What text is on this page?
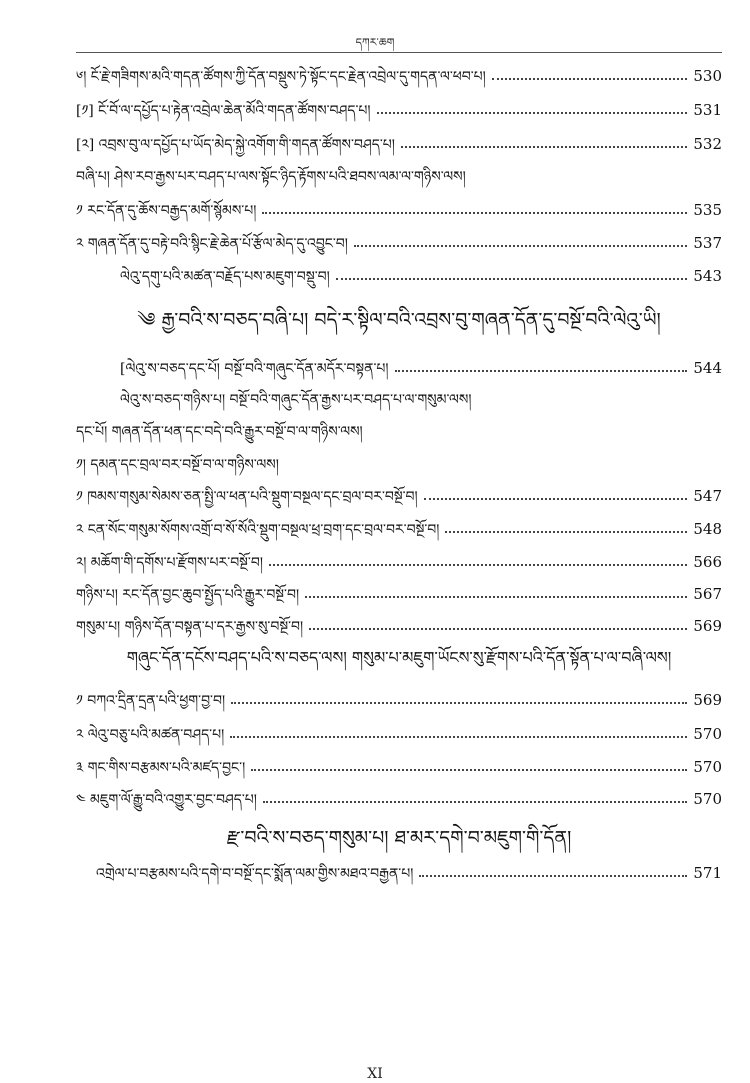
དཀར་ཆག
༦། ངོ་རྗེ་གཟིགས་མའི་གདན་ཚོགས་ཀྱི་དོན་བསྡུས་ཏེ་སྟོང་དང་རྗེན་འབྲེལ་དུ་གདན་ལ་ཕབ་པ།	530
[༡] ངོ་བོ་ལ་དཔྱོད་པ་རྟེན་འབྲེལ་ཆེན་མོའི་གདན་ཚོགས་བཤད་པ།	531
[༢] འབྲས་བུ་ལ་དཔྱོད་པ་ཡོད་མེད་སྐྱེ་འགོག་གི་གདན་ཚོགས་བཤད་པ།	532
བཞི་པ། ཤེས་རབ་རྒྱས་པར་བཤད་པ་ལས་སྟོང་ཉིད་རྟོགས་པའི་ཐབས་ལམ་ལ་གཉིས་ལས།
༡ རང་དོན་དུ་ཆོས་བརྒྱད་མགོ་སྙོམས་པ།	535
༢ གཞན་དོན་དུ་བརྟེ་བའི་སྙིང་རྗེ་ཆེན་པོ་རྩོལ་མེད་དུ་འབྱུང་བ།	537
ལེའུ་དགུ་པའི་མཚན་བརྗོད་པས་མཇུག་བསྡུ་བ།	543
༄ རྒྱ་བའི་ས་བཅད་བཞི་པ། བདེ་ར་སྟིལ་བའི་འབྲས་བུ་གཞན་དོན་དུ་བསྔོ་བའི་ལེའུ་ཡི།
[ལེའུ་ས་བཅད་དང་པོ། བསྔོ་བའི་གཞུང་དོན་མདོར་བསྟན་པ།	544
ལེའུ་ས་བཅད་གཉིས་པ། བསྔོ་བའི་གཞུང་དོན་རྒྱས་པར་བཤད་པ་ལ་གསུམ་ལས།
དང་པོ། གཞན་དོན་ཕན་དང་བདེ་བའི་རྒྱུར་བསྔོ་བ་ལ་གཉིས་ལས།
༡། དམན་དང་བྲལ་བར་བསྔོ་བ་ལ་གཉིས་ལས།
༡ ཁམས་གསུམ་སེམས་ཅན་སྤྱི་ལ་ཕན་པའི་སྡུག་བསྔལ་དང་བྲལ་བར་བསྔོ་བ།	547
༢ ངན་སོང་གསུམ་སོགས་འགྲོ་བ་སོ་སོའི་སྡུག་བསྔལ་ཕྲ་བྲག་དང་བྲལ་བར་བསྔོ་བ།	548
༢། མཆོག་གི་དགོས་པ་རྫོགས་པར་བསྔོ་བ།	566
གཉིས་པ། རང་དོན་བྱང་ཆུབ་སྤྱོད་པའི་རྒྱུར་བསྔོ་བ།	567
གསུམ་པ། གཉིས་དོན་བསྟན་པ་དར་རྒྱས་སུ་བསྔོ་བ།	569
གཞུང་དོན་དངོས་བཤད་པའི་ས་བཅད་ལས། གསུམ་པ་མཇུག་ཡོངས་སུ་རྫོགས་པའི་དོན་སྟོན་པ་ལ་བཞི་ལས།
༡ བཀའ་དྲིན་དྲན་པའི་ཕྱག་བྱ་བ།	569
༢ ལེའུ་བཅུ་པའི་མཚན་བཤད་པ།	570
༣ གང་གིས་བརྩམས་པའི་མཛད་བྱང་།	570
༤ མཇུག་ལོ་རྒྱུ་བའི་འགྱུར་བྱང་བཤད་པ།	570
རྫ་བའི་ས་བཅད་གསུམ་པ། ཐ་མར་དགེ་བ་མཇུག་གི་དོན།
འགྲེལ་པ་བརྩམས་པའི་དགེ་བ་བསྔོ་དང་སྨོན་ལམ་གྱིས་མཐའ་བརྒྱན་པ།	571
XI
